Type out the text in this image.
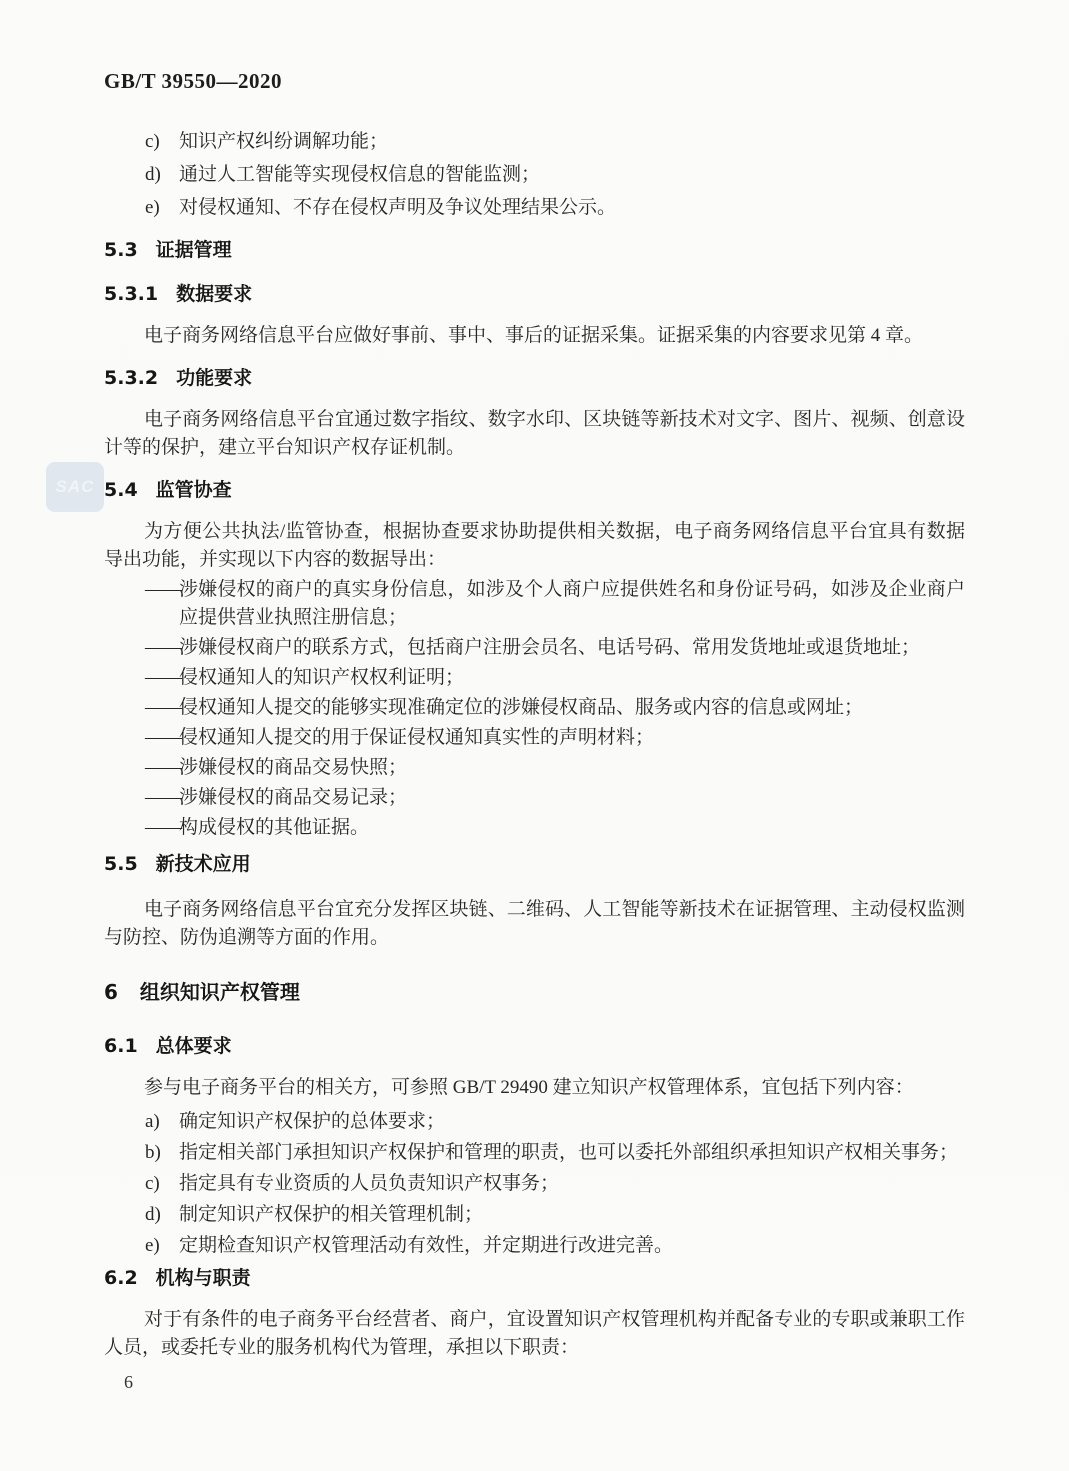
SAC
GB/T 39550—2020
c) 知识产权纠纷调解功能；
d) 通过人工智能等实现侵权信息的智能监测；
e) 对侵权通知、不存在侵权声明及争议处理结果公示。
5.3 证据管理
5.3.1 数据要求

电子商务网络信息平台应做好事前、事中、事后的证据采集。证据采集的内容要求见第 4 章。

5.3.2 功能要求

电子商务网络信息平台宜通过数字指纹、数字水印、区块链等新技术对文字、图片、视频、创意设计等的保护，建立平台知识产权存证机制。

5.4 监管协查

为方便公共执法/监管协查，根据协查要求协助提供相关数据，电子商务网络信息平台宜具有数据导出功能，并实现以下内容的数据导出：

——
涉嫌侵权的商户的真实身份信息，如涉及个人商户应提供姓名和身份证号码，如涉及企业商户应提供营业执照注册信息；
——
涉嫌侵权商户的联系方式，包括商户注册会员名、电话号码、常用发货地址或退货地址；
——
侵权通知人的知识产权权利证明；
——
侵权通知人提交的能够实现准确定位的涉嫌侵权商品、服务或内容的信息或网址；
——
侵权通知人提交的用于保证侵权通知真实性的声明材料；
——
涉嫌侵权的商品交易快照；
——
涉嫌侵权的商品交易记录；
——
构成侵权的其他证据。
5.5 新技术应用

电子商务网络信息平台宜充分发挥区块链、二维码、人工智能等新技术在证据管理、主动侵权监测与防控、防伪追溯等方面的作用。

6 组织知识产权管理
6.1 总体要求

参与电子商务平台的相关方，可参照 GB/T 29490 建立知识产权管理体系，宜包括下列内容：

a) 确定知识产权保护的总体要求；
b) 指定相关部门承担知识产权保护和管理的职责，也可以委托外部组织承担知识产权相关事务；
c) 指定具有专业资质的人员负责知识产权事务；
d) 制定知识产权保护的相关管理机制；
e) 定期检查知识产权管理活动有效性，并定期进行改进完善。
6.2 机构与职责

对于有条件的电子商务平台经营者、商户，宜设置知识产权管理机构并配备专业的专职或兼职工作人员，或委托专业的服务机构代为管理，承担以下职责：

6
